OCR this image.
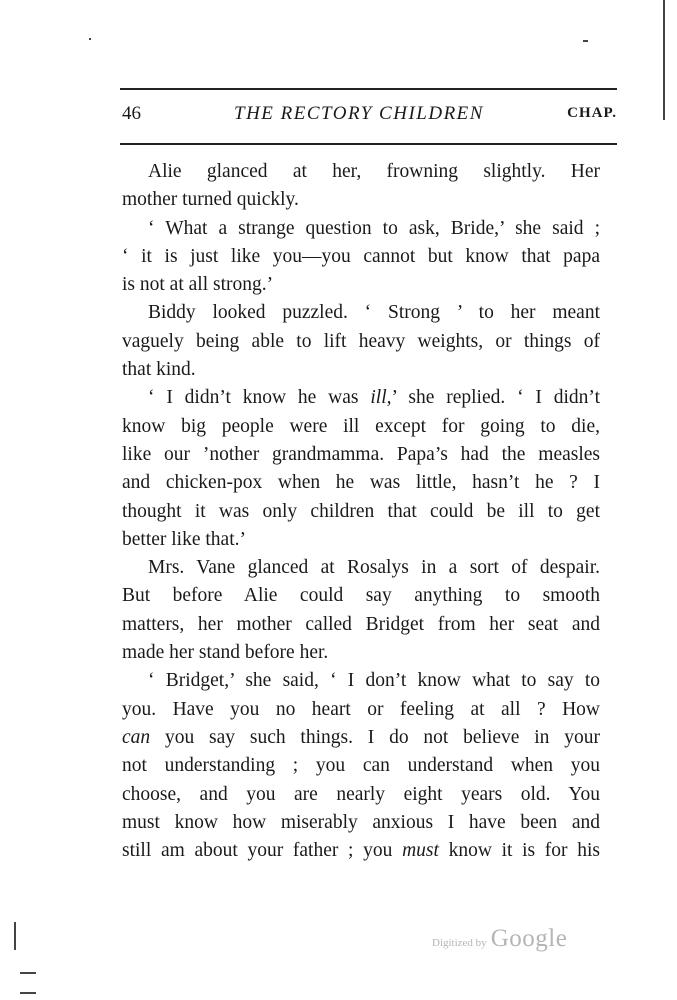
46	THE RECTORY CHILDREN	CHAP.
Alie glanced at her, frowning slightly. Her
mother turned quickly.
‘ What a strange question to ask, Bride,’ she said ;
‘ it is just like you—you cannot but know that papa
is not at all strong.’
Biddy looked puzzled. ‘ Strong ’ to her meant
vaguely being able to lift heavy weights, or things of
that kind.
‘ I didn’t know he was ill,’ she replied. ‘ I didn’t
know big people were ill except for going to die,
like our ’nother grandmamma. Papa’s had the measles
and chicken-pox when he was little, hasn’t he ? I
thought it was only children that could be ill to get
better like that.’
Mrs. Vane glanced at Rosalys in a sort of despair.
But before Alie could say anything to smooth
matters, her mother called Bridget from her seat and
made her stand before her.
‘ Bridget,’ she said, ‘ I don’t know what to say to
you. Have you no heart or feeling at all ? How
can you say such things. I do not believe in your
not understanding ; you can understand when you
choose, and you are nearly eight years old. You
must know how miserably anxious I have been and
still am about your father ; you must know it is for his
Digitized by Google
